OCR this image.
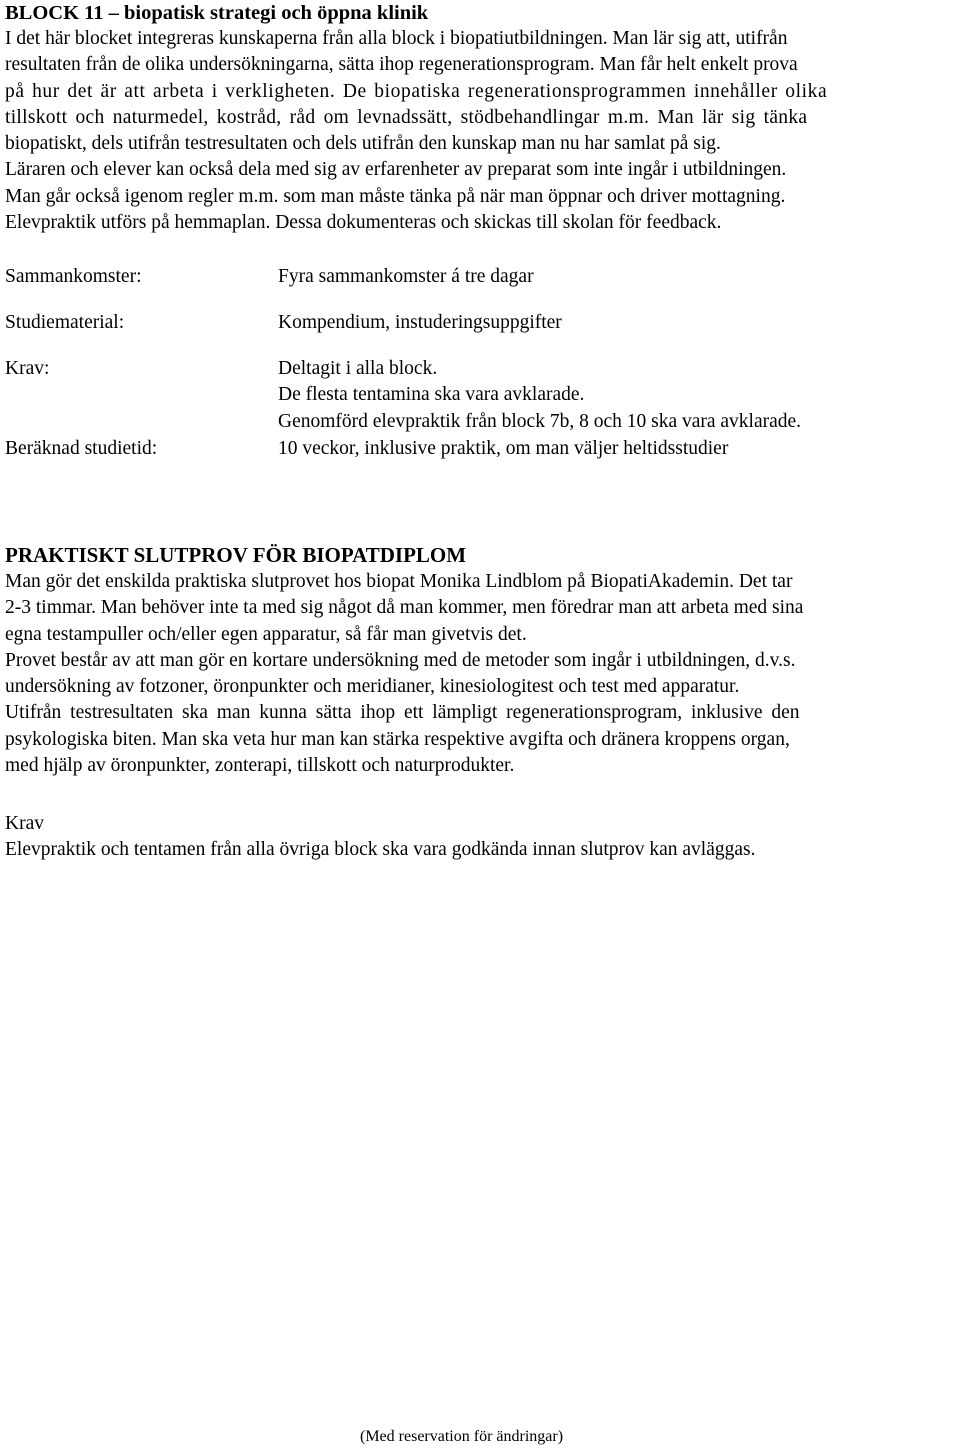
BLOCK 11 – biopatisk strategi och öppna klinik

I det här blocket integreras kunskaperna från alla block i biopatiutbildningen. Man lär sig att, utifrån

resultaten från de olika undersökningarna, sätta ihop regenerationsprogram. Man får helt enkelt prova

på hur det är att arbeta i verkligheten. De biopatiska regenerationsprogrammen innehåller olika

tillskott och naturmedel, kostråd, råd om levnadssätt, stödbehandlingar m.m. Man lär sig tänka

biopatiskt, dels utifrån testresultaten och dels utifrån den kunskap man nu har samlat på sig.

Läraren och elever kan också dela med sig av erfarenheter av preparat som inte ingår i utbildningen.

Man går också igenom regler m.m. som man måste tänka på när man öppnar och driver mottagning.

Elevpraktik utförs på hemmaplan. Dessa dokumenteras och skickas till skolan för feedback.

Sammankomster:	Fyra sammankomster á tre dagar
Studiematerial:	Kompendium, instuderingsuppgifter
Krav:	Deltagit i alla block.
De flesta tentamina ska vara avklarade.
Genomförd elevpraktik från block 7b, 8 och 10 ska vara avklarade.
Beräknad studietid:	10 veckor, inklusive praktik, om man väljer heltidsstudier

PRAKTISKT SLUTPROV FÖR BIOPATDIPLOM

Man gör det enskilda praktiska slutprovet hos biopat Monika Lindblom på BiopatiAkademin. Det tar

2-3 timmar. Man behöver inte ta med sig något då man kommer, men föredrar man att arbeta med sina

egna testampuller och/eller egen apparatur, så får man givetvis det.

Provet består av att man gör en kortare undersökning med de metoder som ingår i utbildningen, d.v.s.

undersökning av fotzoner, öronpunkter och meridianer, kinesiologitest och test med apparatur.

Utifrån testresultaten ska man kunna sätta ihop ett lämpligt regenerationsprogram, inklusive den

psykologiska biten. Man ska veta hur man kan stärka respektive avgifta och dränera kroppens organ,

med hjälp av öronpunkter, zonterapi, tillskott och naturprodukter.

Krav

Elevpraktik och tentamen från alla övriga block ska vara godkända innan slutprov kan avläggas.

(Med reservation för ändringar)
